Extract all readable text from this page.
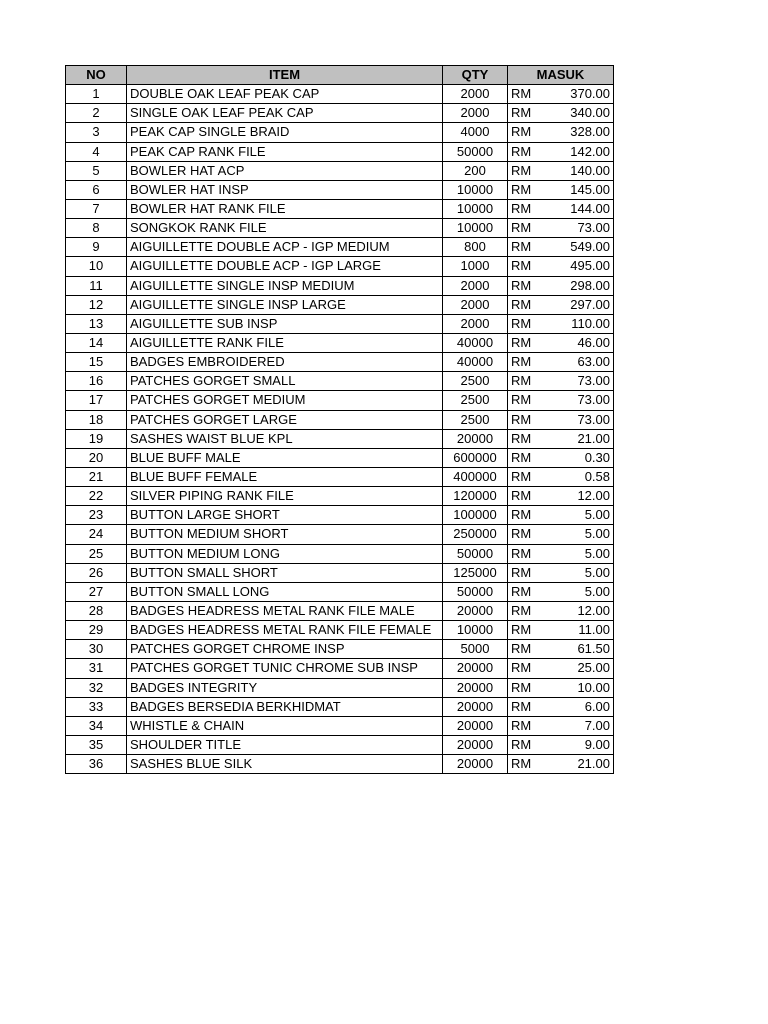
NO	ITEM	QTY	MASUK
1	DOUBLE OAK LEAF PEAK CAP	2000	RM 370.00

2	SINGLE OAK LEAF PEAK CAP	2000	RM 340.00

3	PEAK CAP SINGLE BRAID	4000	RM 328.00

4	PEAK CAP RANK FILE	50000	RM 142.00

5	BOWLER HAT ACP	200	RM 140.00

6	BOWLER HAT INSP	10000	RM 145.00

7	BOWLER HAT RANK FILE	10000	RM 144.00

8	SONGKOK RANK FILE	10000	RM 73.00

9	AIGUILLETTE DOUBLE ACP - IGP MEDIUM	800	RM 549.00

10	AIGUILLETTE DOUBLE ACP - IGP LARGE	1000	RM 495.00

11	AIGUILLETTE SINGLE INSP MEDIUM	2000	RM 298.00

12	AIGUILLETTE SINGLE INSP LARGE	2000	RM 297.00

13	AIGUILLETTE SUB INSP	2000	RM 110.00

14	AIGUILLETTE RANK FILE	40000	RM 46.00

15	BADGES EMBROIDERED	40000	RM 63.00

16	PATCHES GORGET SMALL	2500	RM 73.00

17	PATCHES GORGET MEDIUM	2500	RM 73.00

18	PATCHES GORGET LARGE	2500	RM 73.00

19	SASHES WAIST BLUE KPL	20000	RM 21.00

20	BLUE BUFF MALE	600000	RM 0.30

21	BLUE BUFF FEMALE	400000	RM 0.58

22	SILVER PIPING RANK FILE	120000	RM 12.00

23	BUTTON LARGE SHORT	100000	RM 5.00

24	BUTTON MEDIUM SHORT	250000	RM 5.00

25	BUTTON MEDIUM LONG	50000	RM 5.00

26	BUTTON SMALL SHORT	125000	RM 5.00

27	BUTTON SMALL LONG	50000	RM 5.00

28	BADGES HEADRESS METAL RANK FILE MALE	20000	RM 12.00

29	BADGES HEADRESS METAL RANK FILE FEMALE	10000	RM 11.00

30	PATCHES GORGET CHROME INSP	5000	RM 61.50

31	PATCHES GORGET TUNIC CHROME SUB INSP	20000	RM 25.00

32	BADGES INTEGRITY	20000	RM 10.00

33	BADGES BERSEDIA BERKHIDMAT	20000	RM 6.00

34	WHISTLE & CHAIN	20000	RM 7.00

35	SHOULDER TITLE	20000	RM 9.00

36	SASHES BLUE SILK	20000	RM 21.00
